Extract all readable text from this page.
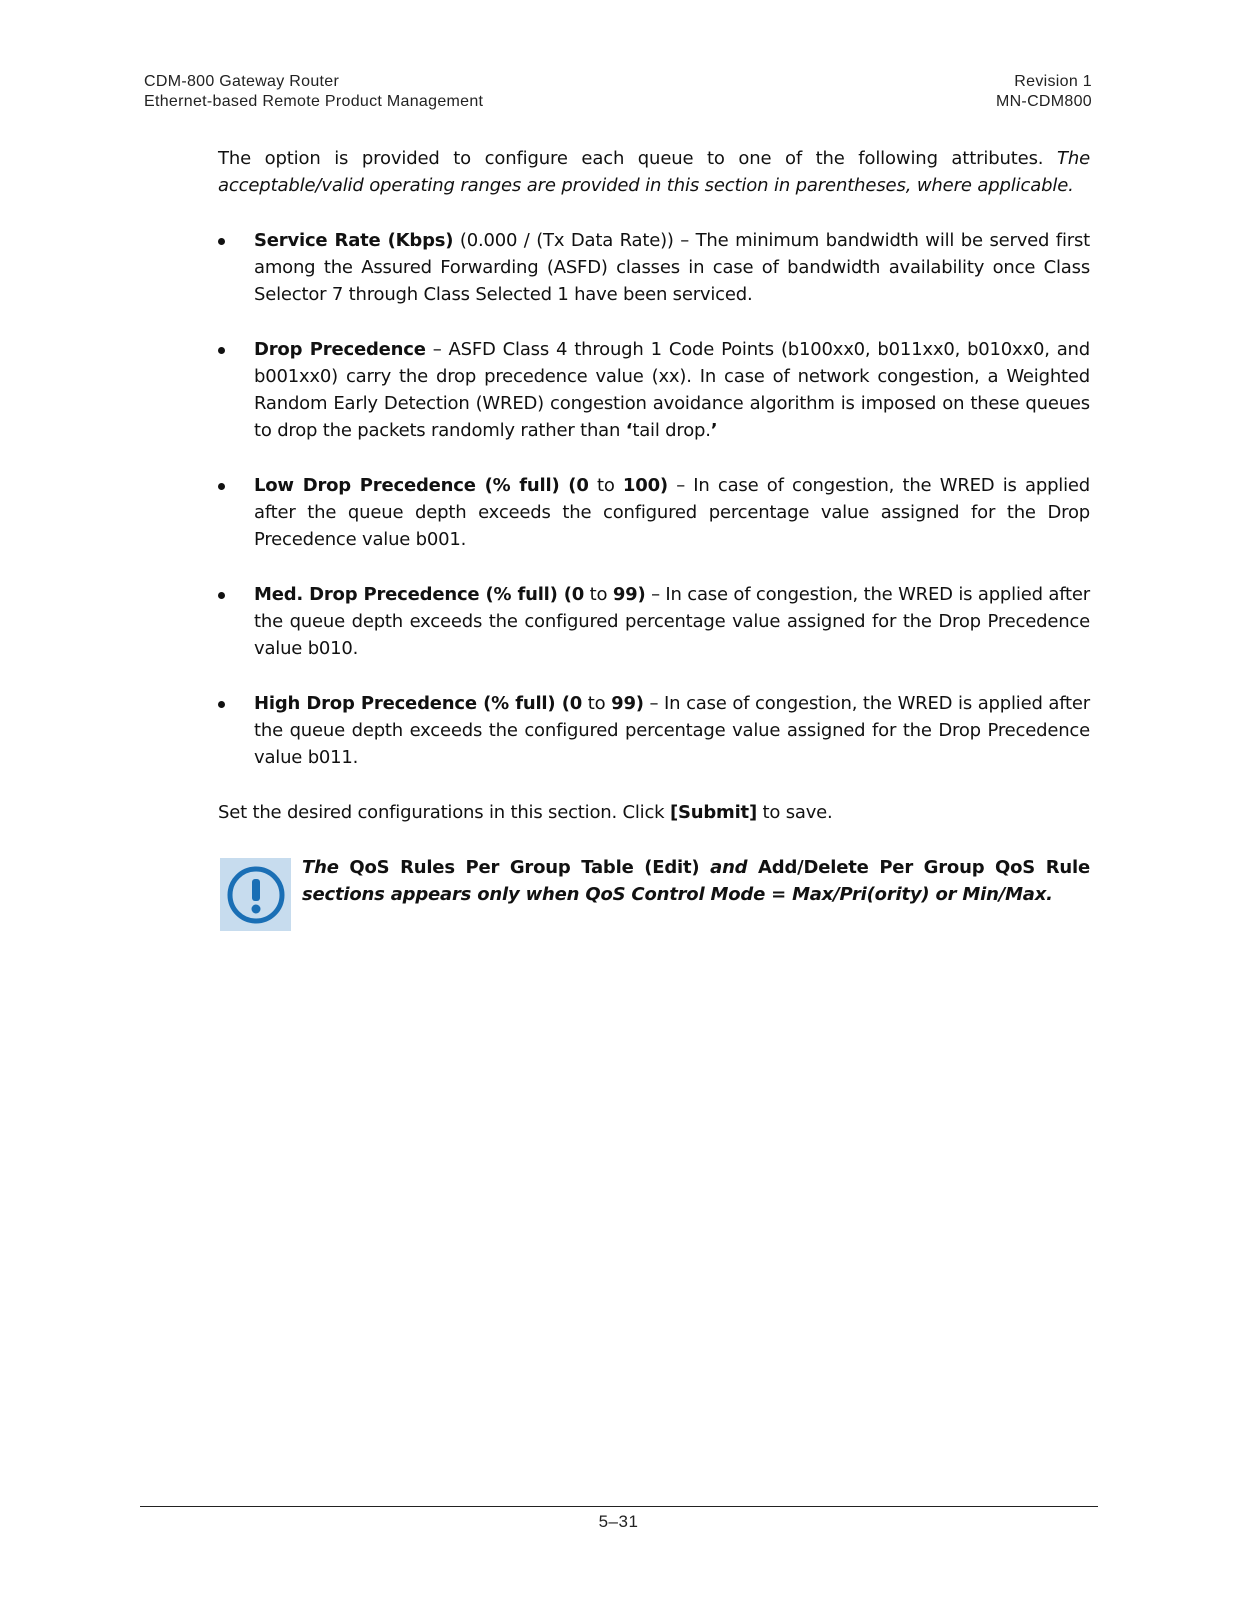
CDM-800 Gateway Router
Ethernet-based Remote Product Management
Revision 1
MN-CDM800

The option is provided to configure each queue to one of the following attributes. The acceptable/valid operating ranges are provided in this section in parentheses, where applicable.

Service Rate (Kbps) (0.000 / (Tx Data Rate)) – The minimum bandwidth will be served first among the Assured Forwarding (ASFD) classes in case of bandwidth availability once Class Selector 7 through Class Selected 1 have been serviced.
Drop Precedence – ASFD Class 4 through 1 Code Points (b100xx0, b011xx0, b010xx0, and b001xx0) carry the drop precedence value (xx). In case of network congestion, a Weighted Random Early Detection (WRED) congestion avoidance algorithm is imposed on these queues to drop the packets randomly rather than ‘tail drop.’
Low Drop Precedence (% full) (0 to 100) – In case of congestion, the WRED is applied after the queue depth exceeds the configured percentage value assigned for the Drop Precedence value b001.
Med. Drop Precedence (% full) (0 to 99) – In case of congestion, the WRED is applied after the queue depth exceeds the configured percentage value assigned for the Drop Precedence value b010.
High Drop Precedence (% full) (0 to 99) – In case of congestion, the WRED is applied after the queue depth exceeds the configured percentage value assigned for the Drop Precedence value b011.

Set the desired configurations in this section. Click [Submit] to save.

The QoS Rules Per Group Table (Edit) and Add/Delete Per Group QoS Rule sections appears only when QoS Control Mode = Max/Pri(ority) or Min/Max.
5–31
